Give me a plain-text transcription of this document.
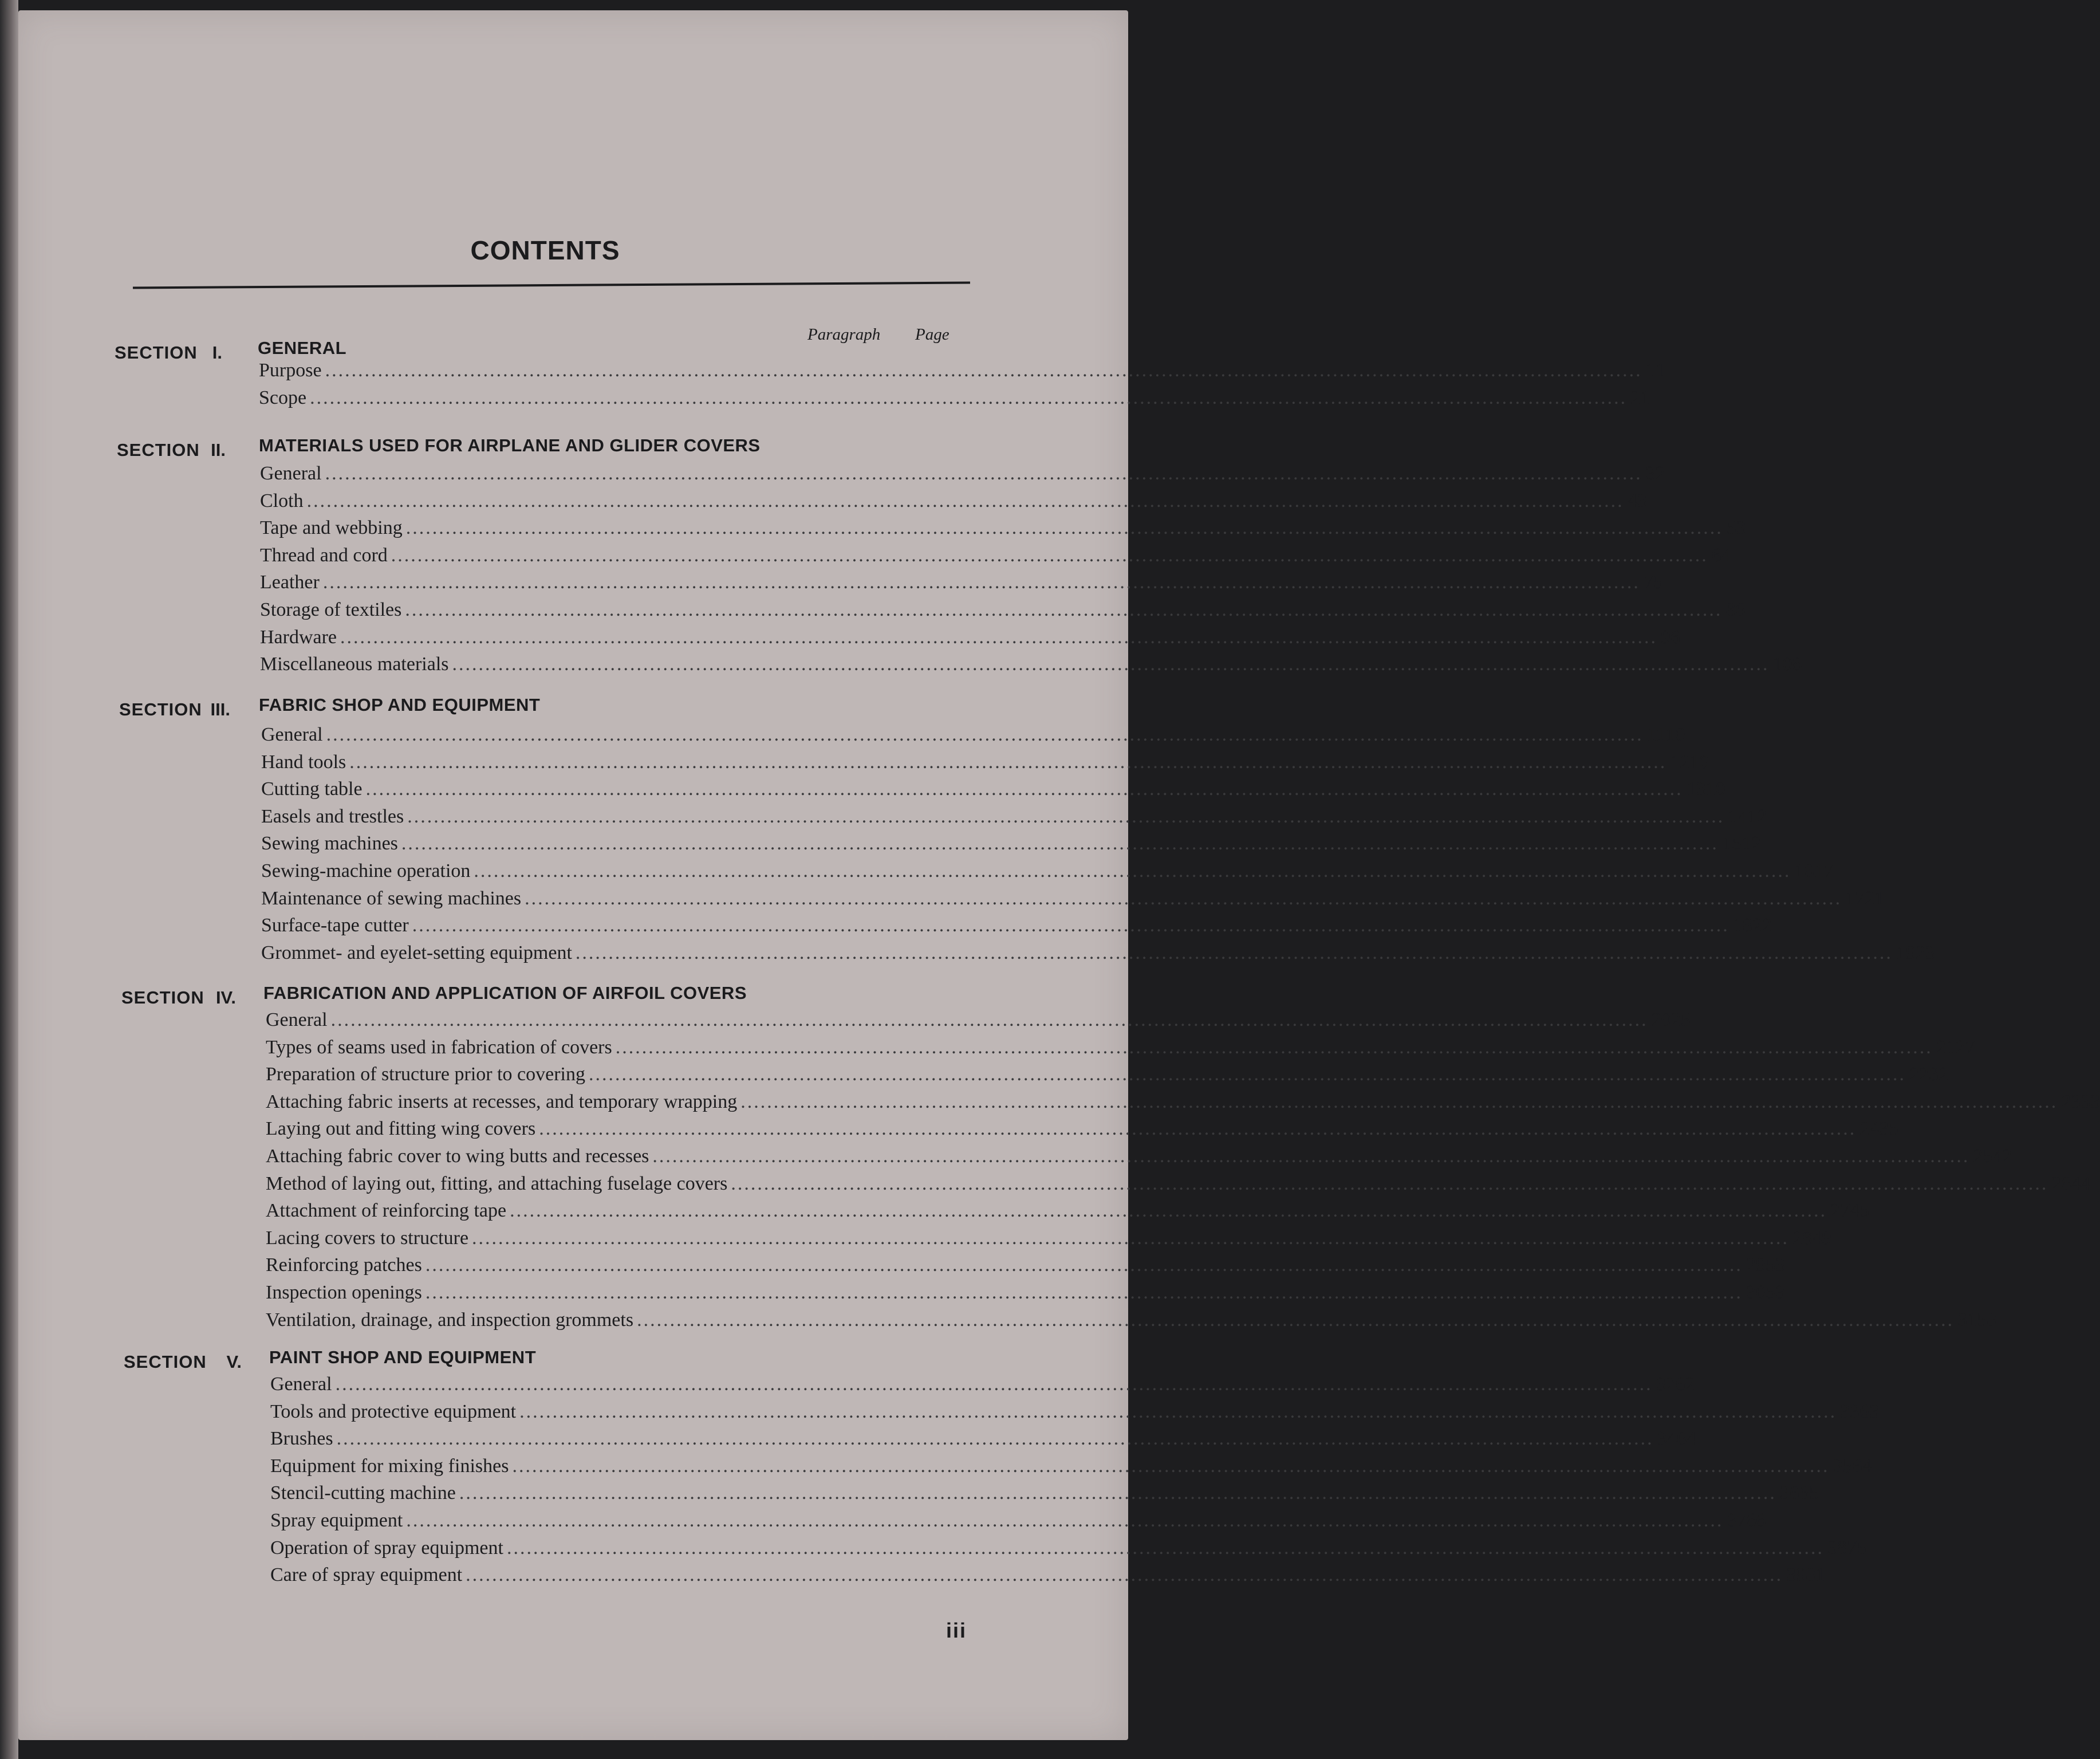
CONTENTS
Paragraph Page
SECTION I. GENERAL
Purpose ........................................................................................................................................................................................................ 1 1
Scope ........................................................................................................................................................................................................ 2 1
SECTION II. MATERIALS USED FOR AIRPLANE AND GLIDER COVERS
General ........................................................................................................................................................................................................ 3 2
Cloth ........................................................................................................................................................................................................ 4 3
Tape and webbing ........................................................................................................................................................................................................ 5 3
Thread and cord ........................................................................................................................................................................................................ 6 4
Leather ........................................................................................................................................................................................................ 7 5
Storage of textiles ........................................................................................................................................................................................................ 8 6
Hardware ........................................................................................................................................................................................................ 9 6
Miscellaneous materials ........................................................................................................................................................................................................ 10 8
SECTION III. FABRIC SHOP AND EQUIPMENT
General ........................................................................................................................................................................................................ 11 10
Hand tools ........................................................................................................................................................................................................ 12 10
Cutting table ........................................................................................................................................................................................................ 13 10
Easels and trestles ........................................................................................................................................................................................................ 14 12
Sewing machines ........................................................................................................................................................................................................ 15 12
Sewing-machine operation ........................................................................................................................................................................................................ 16 17
Maintenance of sewing machines ........................................................................................................................................................................................................ 17 21
Surface-tape cutter ........................................................................................................................................................................................................ 18 22
Grommet- and eyelet-setting equipment ........................................................................................................................................................................................................ 19 23
SECTION IV. FABRICATION AND APPLICATION OF AIRFOIL COVERS
General ........................................................................................................................................................................................................ 20 25
Types of seams used in fabrication of covers ........................................................................................................................................................................................................ 21 27
Preparation of structure prior to covering ........................................................................................................................................................................................................ 22 32
Attaching fabric inserts at recesses, and temporary wrapping ........................................................................................................................................................................................................ 23 33
Laying out and fitting wing covers ........................................................................................................................................................................................................ 24 35
Attaching fabric cover to wing butts and recesses ........................................................................................................................................................................................................ 25 42
Method of laying out, fitting, and attaching fuselage covers ........................................................................................................................................................................................................ 26 44
Attachment of reinforcing tape ........................................................................................................................................................................................................ 27 45
Lacing covers to structure ........................................................................................................................................................................................................ 28 49
Reinforcing patches ........................................................................................................................................................................................................ 29 53
Inspection openings ........................................................................................................................................................................................................ 30 53
Ventilation, drainage, and inspection grommets ........................................................................................................................................................................................................ 31 58
SECTION	V. PAINT SHOP AND EQUIPMENT
General ........................................................................................................................................................................................................ 32 62
Tools and protective equipment ........................................................................................................................................................................................................ 33 63
Brushes ........................................................................................................................................................................................................ 34 64
Equipment for mixing finishes ........................................................................................................................................................................................................ 35 64
Stencil-cutting machine ........................................................................................................................................................................................................ 36 65
Spray equipment ........................................................................................................................................................................................................ 37 66
Operation of spray equipment ........................................................................................................................................................................................................ 38 75
Care of spray equipment ........................................................................................................................................................................................................ 39 81
iii
